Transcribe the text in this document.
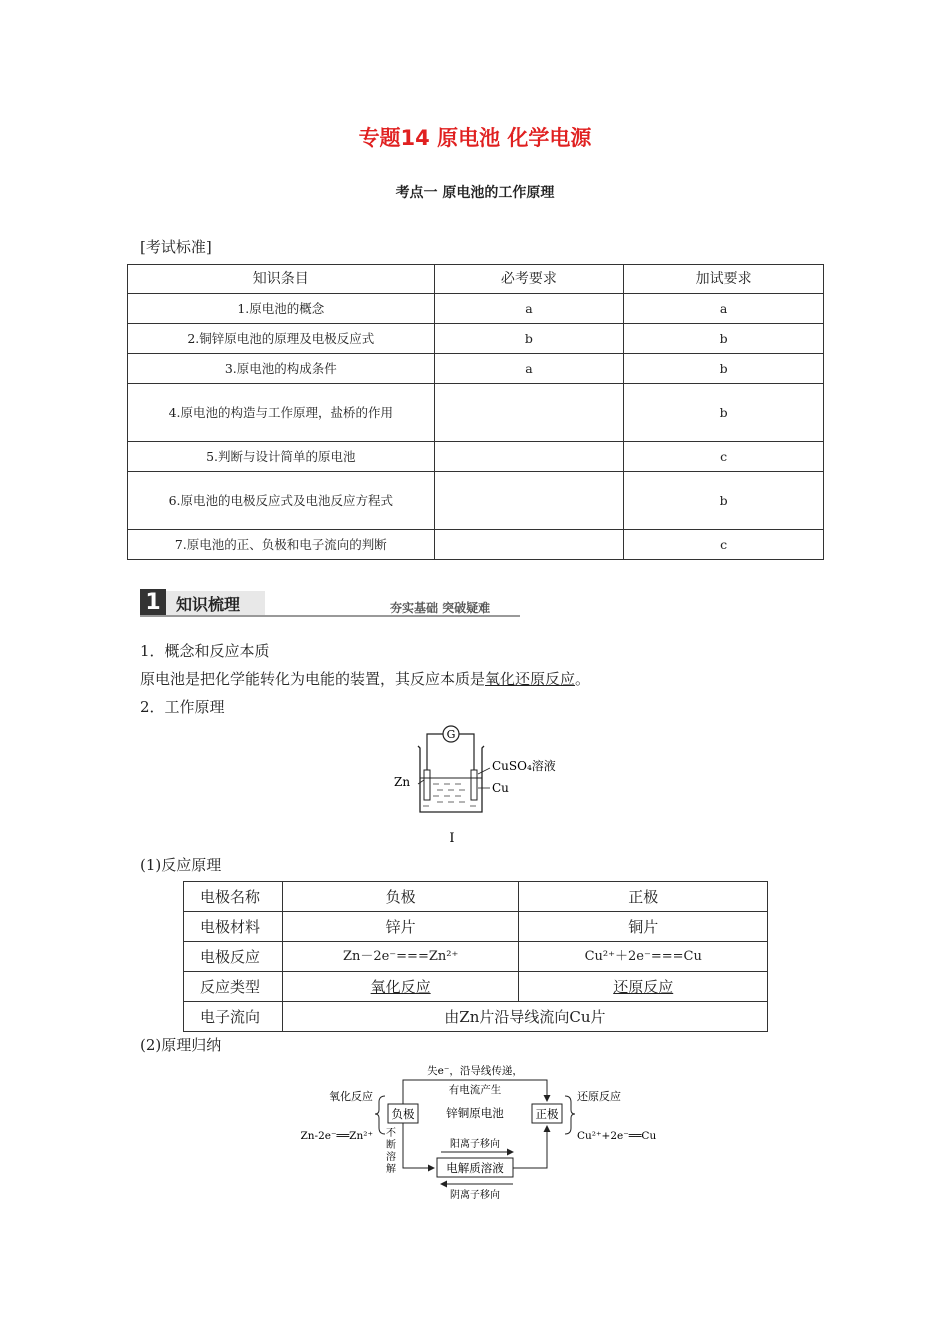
专题14 原电池 化学电源
考点一 原电池的工作原理
[考试标准]
知识条目	必考要求	加试要求
1.原电池的概念	a	a
2.铜锌原电池的原理及电极反应式	b	b
3.原电池的构成条件	a	b
4.原电池的构造与工作原理，盐桥的作用		b
5.判断与设计简单的原电池		c
6.原电池的电极反应式及电池反应方程式		b
7.原电池的正、负极和电子流向的判断		c
1 知识梳理	夯实基础 突破疑难
1．概念和反应本质
原电池是把化学能转化为电能的装置，其反应本质是氧化还原反应。
2．工作原理
G
Zn
CuSO₄溶液
Cu
I
(1)反应原理
电极名称	负极	正极
电极材料	锌片	铜片
电极反应	Zn－2e⁻===Zn²⁺	Cu²⁺＋2e⁻===Cu
反应类型	氧化反应	还原反应
电子流向	由Zn片沿导线流向Cu片	
(2)原理归纳
负极	正极
电解质溶液
失e⁻，沿导线传递，
有电流产生
锌铜原电池
阳离子移向
阴离子移向
不
断
溶
解
氧化反应
Zn-2e⁻══Zn²⁺
还原反应
Cu²⁺+2e⁻══Cu
